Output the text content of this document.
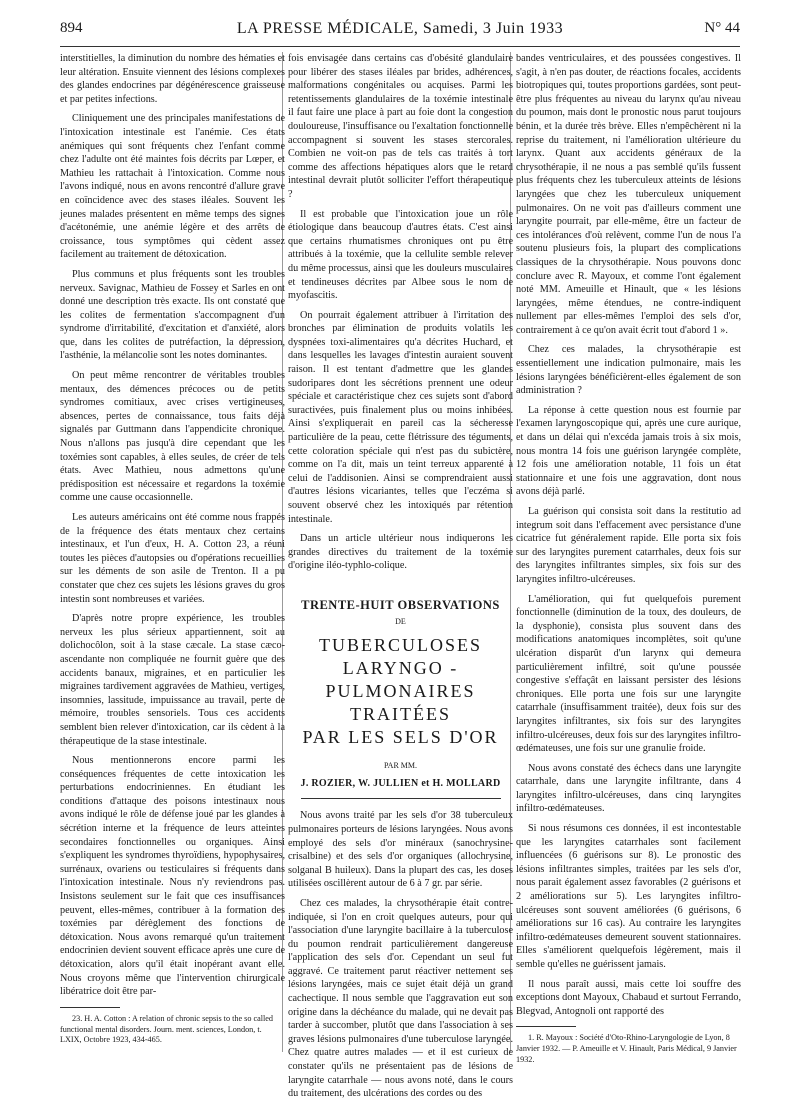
894	LA PRESSE MÉDICALE, Samedi, 3 Juin 1933	N° 44

interstitielles, la diminution du nombre des hématies et leur altération. Ensuite viennent des lésions complexes des glandes endocrines par dégénérescence graisseuse et par petites infections.

Cliniquement une des principales manifestations de l'intoxication intestinale est l'anémie. Ces états anémiques qui sont fréquents chez l'enfant comme chez l'adulte ont été maintes fois décrits par Lœper, et Mathieu les rattachait à l'intoxication. Comme nous l'avons indiqué, nous en avons rencontré d'allure grave en coïncidence avec des stases iléales. Souvent les jeunes malades présentent en même temps des signes d'acétonémie, une anémie légère et des arrêts de croissance, tous symptômes qui cèdent assez facilement au traitement de détoxication.

Plus communs et plus fréquents sont les troubles nerveux. Savignac, Mathieu de Fossey et Sarles en ont donné une description très exacte. Ils ont constaté que les colites de fermentation s'accompagnent d'un syndrome d'irritabilité, d'excitation et d'anxiété, alors que, dans les colites de putréfaction, la dépression, l'asthénie, la mélancolie sont les notes dominantes.

On peut même rencontrer de véritables troubles mentaux, des démences précoces ou de petits syndromes comitiaux, avec crises vertigineuses, absences, pertes de connaissance, tous faits déjà signalés par Guttmann dans l'appendicite chronique. Nous n'allons pas jusqu'à dire cependant que les toxémies sont capables, à elles seules, de créer de tels états. Avec Mathieu, nous admettons qu'une prédisposition est nécessaire et regardons la toxémie comme une cause occasionnelle.

Les auteurs américains ont été comme nous frappés de la fréquence des états mentaux chez certains intestinaux, et l'un d'eux, H. A. Cotton 23, a réuni toutes les pièces d'autopsies ou d'opérations recueillies sur les déments de son asile de Trenton. Il a pu constater que chez ces sujets les lésions graves du gros intestin sont nombreuses et variées.

D'après notre propre expérience, les troubles nerveux les plus sérieux appartiennent, soit au dolichocôlon, soit à la stase cæcale. La stase cæco-ascendante non compliquée ne fournit guère que des accidents banaux, migraines, et en particulier les migraines tardivement aggravées de Mathieu, vertiges, insomnies, lassitude, impuissance au travail, perte de mémoire, troubles sensoriels. Tous ces accidents semblent bien relever d'intoxication, car ils cèdent à la thérapeutique de la stase intestinale.

Nous mentionnerons encore parmi les conséquences fréquentes de cette intoxication les perturbations endocriniennes. En étudiant les conditions d'attaque des poisons intestinaux nous avons indiqué le rôle de défense joué par les glandes à sécrétion interne et la fréquence de leurs atteintes secondaires fonctionnelles ou organiques. Ainsi s'expliquent les syndromes thyroïdiens, hypophysaires, surrénaux, ovariens ou testiculaires si fréquents dans l'intoxication intestinale. Nous n'y reviendrons pas. Insistons seulement sur le fait que ces insuffisances peuvent, elles-mêmes, contribuer à la formation des toxémies par dérèglement des fonctions de détoxication. Nous avons remarqué qu'un traitement endocrinien devient souvent efficace après une cure de détoxication, alors qu'il était inopérant avant elle. Nous croyons même que l'intervention chirurgicale libératrice doit être par-

23. H. A. Cotton : A relation of chronic sepsis to the so called functional mental disorders. Journ. ment. sciences, London, t. LXIX, Octobre 1923, 434-465.

fois envisagée dans certains cas d'obésité glandulaire pour libérer des stases iléales par brides, adhérences, malformations congénitales ou acquises. Parmi les retentissements glandulaires de la toxémie intestinale il faut faire une place à part au foie dont la congestion douloureuse, l'insuffisance ou l'exaltation fonctionnelle accompagnent si souvent les stases stercorales. Combien ne voit-on pas de tels cas traités à tort comme des affections hépatiques alors que le retard intestinal devrait plutôt solliciter l'effort thérapeutique ?

Il est probable que l'intoxication joue un rôle étiologique dans beaucoup d'autres états. C'est ainsi que certains rhumatismes chroniques ont pu être attribués à la toxémie, que la cellulite semble relever du même processus, ainsi que les douleurs musculaires et tendineuses décrites par Albee sous le nom de myofascitis.

On pourrait également attribuer à l'irritation des bronches par élimination de produits volatils les dyspnées toxi-alimentaires qu'a décrites Huchard, et dans lesquelles les lavages d'intestin auraient souvent raison. Il est tentant d'admettre que les glandes sudoripares dont les sécrétions prennent une odeur spéciale et caractéristique chez ces sujets sont d'abord suractivées, puis finalement plus ou moins inhibées. Ainsi s'expliquerait en pareil cas la sécheresse particulière de la peau, cette flétrissure des téguments, cette coloration spéciale qui n'est pas du subictère, comme on l'a dit, mais un teint terreux apparenté à celui de l'addisonien. Ainsi se comprendraient aussi d'autres lésions vicariantes, telles que l'eczéma si souvent observé chez les intoxiqués par rétention intestinale.

Dans un article ultérieur nous indiquerons les grandes directives du traitement de la toxémie d'origine iléo-typhlo-colique.

TRENTE-HUIT OBSERVATIONS
DE
TUBERCULOSES
LARYNGO - PULMONAIRES
TRAITÉES
PAR LES SELS D'OR
PAR MM.
J. ROZIER, W. JULLIEN et H. MOLLARD

Nous avons traité par les sels d'or 38 tuberculeux pulmonaires porteurs de lésions laryngées. Nous avons employé des sels d'or minéraux (sanochrysine-crisalbine) et des sels d'or organiques (allochrysine, solganal B huileux). Dans la plupart des cas, les doses utilisées oscillèrent autour de 6 à 7 gr. par série.

Chez ces malades, la chrysothérapie était contre-indiquée, si l'on en croit quelques auteurs, pour qui l'association d'une laryngite bacillaire à la tuberculose du poumon rendrait particulièrement dangereuse l'application des sels d'or. Cependant un seul fut aggravé. Ce traitement parut réactiver nettement ses lésions laryngées, mais ce sujet était déjà un grand cachectique. Il nous semble que l'aggravation eut son origine dans la déchéance du malade, qui ne devait pas tarder à succomber, plutôt que dans l'association à ses graves lésions pulmonaires d'une tuberculose laryngée. Chez quatre autres malades — et il est curieux de constater qu'ils ne présentaient pas de lésions de laryngite catarrhale — nous avons noté, dans le cours du traitement, des ulcérations des cordes ou des

bandes ventriculaires, et des poussées congestives. Il s'agit, à n'en pas douter, de réactions focales, accidents biotropiques qui, toutes proportions gardées, sont peut-être plus fréquentes au niveau du larynx qu'au niveau du poumon, mais dont le pronostic nous parut toujours bénin, et la durée très brève. Elles n'empêchèrent ni la reprise du traitement, ni l'amélioration ultérieure du larynx. Quant aux accidents généraux de la chrysothérapie, il ne nous a pas semblé qu'ils fussent plus fréquents chez les tuberculeux atteints de lésions laryngées que chez les tuberculeux uniquement pulmonaires. On ne voit pas d'ailleurs comment une laryngite pourrait, par elle-même, être un facteur de ces intolérances d'où relèvent, comme l'un de nous l'a soutenu plusieurs fois, la plupart des complications classiques de la chrysothérapie. Nous pouvons donc conclure avec R. Mayoux, et comme l'ont également noté MM. Ameuille et Hinault, que « les lésions laryngées, même étendues, ne contre-indiquent nullement par elles-mêmes l'emploi des sels d'or, contrairement à ce qu'on avait écrit tout d'abord 1 ».

Chez ces malades, la chrysothérapie est essentiellement une indication pulmonaire, mais les lésions laryngées bénéficièrent-elles également de son administration ?

La réponse à cette question nous est fournie par l'examen laryngoscopique qui, après une cure aurique, et dans un délai qui n'excéda jamais trois à six mois, nous montra 14 fois une guérison laryngée complète, 12 fois une amélioration notable, 11 fois un état stationnaire et une fois une aggravation, dont nous avons déjà parlé.

La guérison qui consista soit dans la restitutio ad integrum soit dans l'effacement avec persistance d'une cicatrice fut généralement rapide. Elle porta six fois sur des laryngites purement catarrhales, deux fois sur des laryngites infiltrantes simples, six fois sur des laryngites infiltro-ulcéreuses.

L'amélioration, qui fut quelquefois purement fonctionnelle (diminution de la toux, des douleurs, de la dysphonie), consista plus souvent dans des modifications anatomiques incomplètes, soit qu'une ulcération disparût d'un larynx qui demeura particulièrement infiltré, soit qu'une poussée congestive s'effaçât en laissant persister des lésions chroniques. Elle porta une fois sur une laryngite catarrhale (insuffisamment traitée), deux fois sur des laryngites infiltrantes, six fois sur des laryngites infiltro-ulcéreuses, deux fois sur des laryngites infiltro-œdémateuses, une fois sur une granulie froide.

Nous avons constaté des échecs dans une laryngite catarrhale, dans une laryngite infiltrante, dans 4 laryngites infiltro-ulcéreuses, dans cinq laryngites infiltro-œdémateuses.

Si nous résumons ces données, il est incontestable que les laryngites catarrhales sont facilement influencées (6 guérisons sur 8). Le pronostic des lésions infiltrantes simples, traitées par les sels d'or, nous parait également assez favorables (2 guérisons et 2 améliorations sur 5). Les laryngites infiltro-ulcéreuses sont souvent améliorées (6 guérisons, 6 améliorations sur 16 cas). Au contraire les laryngites infiltro-œdémateuses demeurent souvent stationnaires. Elles s'améliorent quelquefois légèrement, mais il semble qu'elles ne guérissent jamais.

Il nous paraît aussi, mais cette loi souffre des exceptions dont Mayoux, Chabaud et surtout Ferrando, Blegvad, Antognoli ont rapporté des

1. R. Mayoux : Société d'Oto-Rhino-Laryngologie de Lyon, 8 Janvier 1932. — P. Ameuille et V. Hinault, Paris Médical, 9 Janvier 1932.
